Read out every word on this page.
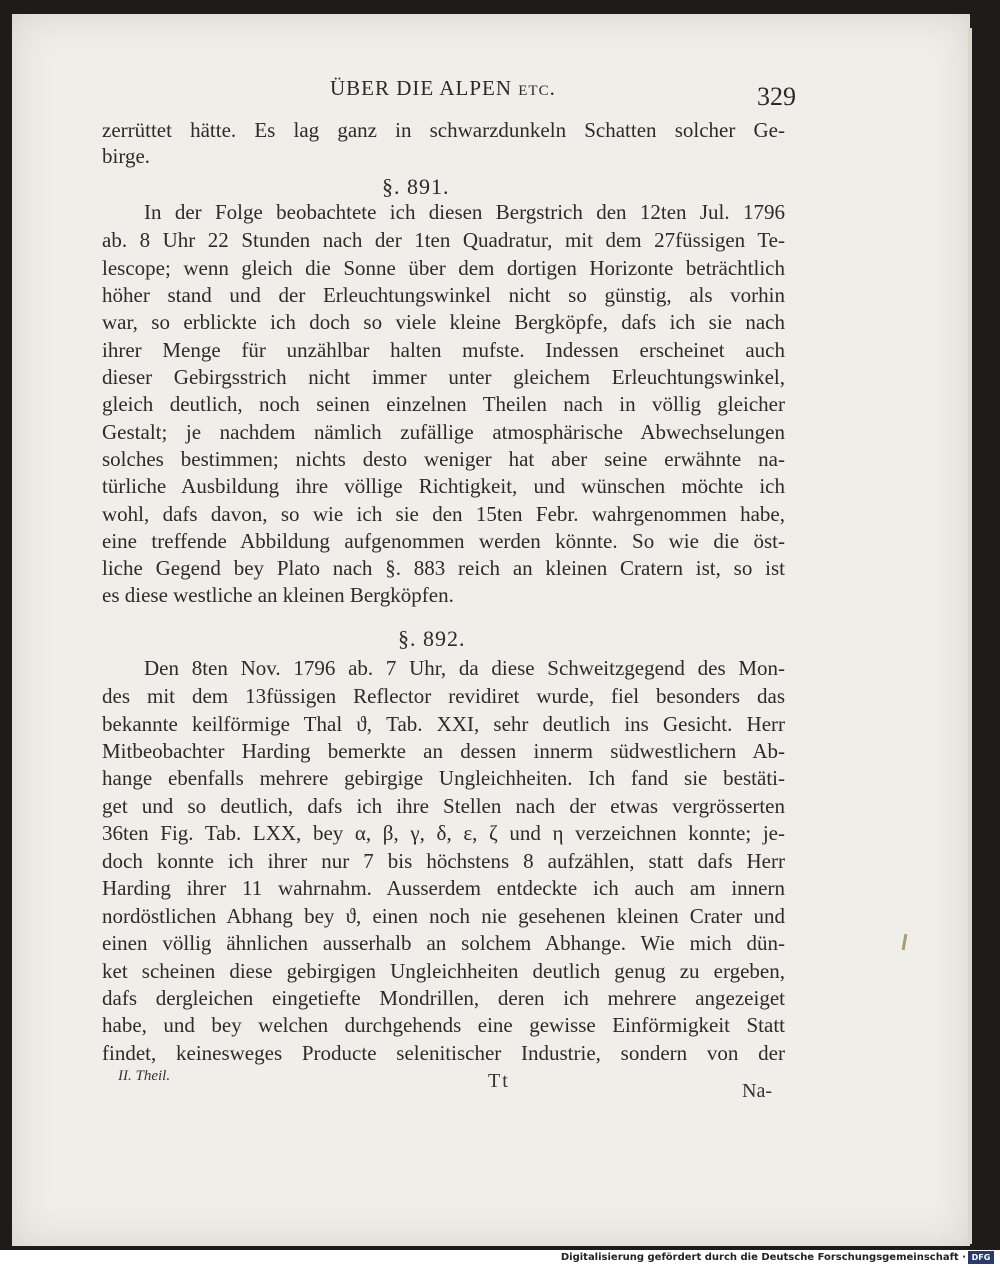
ÜBER DIE ALPEN etc.	329
zerrüttet hätte. Es lag ganz in schwarzdunkeln Schatten solcher Ge-
birge.
In der Folge beobachtete ich diesen Bergstrich den 12ten Jul. 1796
ab. 8 Uhr 22 Stunden nach der 1ten Quadratur, mit dem 27füssigen Te-
lescope; wenn gleich die Sonne über dem dortigen Horizonte beträchtlich
höher stand und der Erleuchtungswinkel nicht so günstig, als vorhin
war, so erblickte ich doch so viele kleine Bergköpfe, dafs ich sie nach
ihrer Menge für unzählbar halten mufste. Indessen erscheinet auch
dieser Gebirgsstrich nicht immer unter gleichem Erleuchtungswinkel,
gleich deutlich, noch seinen einzelnen Theilen nach in völlig gleicher
Gestalt; je nachdem nämlich zufällige atmosphärische Abwechselungen
solches bestimmen; nichts desto weniger hat aber seine erwähnte na-
türliche Ausbildung ihre völlige Richtigkeit, und wünschen möchte ich
wohl, dafs davon, so wie ich sie den 15ten Febr. wahrgenommen habe,
eine treffende Abbildung aufgenommen werden könnte. So wie die öst-
liche Gegend bey Plato nach §. 883 reich an kleinen Cratern ist, so ist
es diese westliche an kleinen Bergköpfen.
Den 8ten Nov. 1796 ab. 7 Uhr, da diese Schweitzgegend des Mon-
des mit dem 13füssigen Reflector revidiret wurde, fiel besonders das
bekannte keilförmige Thal ϑ, Tab. XXI, sehr deutlich ins Gesicht. Herr
Mitbeobachter Harding bemerkte an dessen innerm südwestlichern Ab-
hange ebenfalls mehrere gebirgige Ungleichheiten. Ich fand sie bestäti-
get und so deutlich, dafs ich ihre Stellen nach der etwas vergrösserten
36ten Fig. Tab. LXX, bey α, β, γ, δ, ε, ζ und η verzeichnen konnte; je-
doch konnte ich ihrer nur 7 bis höchstens 8 aufzählen, statt dafs Herr
Harding ihrer 11 wahrnahm. Ausserdem entdeckte ich auch am innern
nordöstlichen Abhang bey ϑ, einen noch nie gesehenen kleinen Crater und
einen völlig ähnlichen ausserhalb an solchem Abhange. Wie mich dün-
ket scheinen diese gebirgigen Ungleichheiten deutlich genug zu ergeben,
dafs dergleichen eingetiefte Mondrillen, deren ich mehrere angezeiget
habe, und bey welchen durchgehends eine gewisse Einförmigkeit Statt
findet, keinesweges Producte selenitischer Industrie, sondern von der
§. 891.
§. 892.
II. Theil.	Tt	Na-
Digitalisierung gefördert durch die Deutsche Forschungsgemeinschaft · DFG
